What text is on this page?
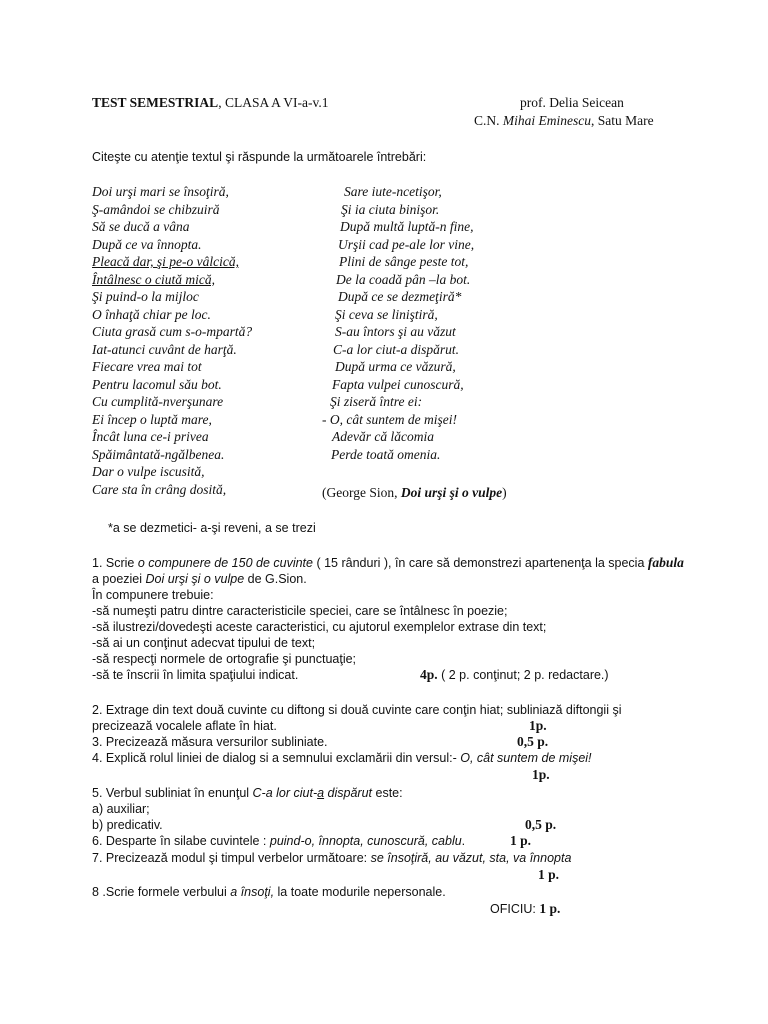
TEST SEMESTRIAL, CLASA A VI-a-v.1	prof. Delia Seicean
C.N. Mihai Eminescu, Satu Mare
Citeşte cu atenţie textul şi răspunde la următoarele întrebări:
Doi urşi mari se însoţiră,
Ş-amândoi se chibzuiră
Să se ducă a vâna
După ce va înnopta.
Pleacă dar, şi pe-o vâlcică,
Întâlnesc o ciută mică,
Şi puind-o la mijloc
O înhaţă chiar pe loc.
Ciuta grasă cum s-o-mpartă?
Iat-atunci cuvânt de harţă.
Fiecare vrea mai tot
Pentru lacomul său bot.
Cu cumplită-nverşunare
Ei încep o luptă mare,
Încât luna ce-i privea
Spăimântată-ngălbenea.
Dar o vulpe iscusită,
Care sta în crâng dosită,
Sare iute-ncetişor,
Şi ia ciuta binişor.
După multă luptă-n fine,
Urşii cad pe-ale lor vine,
Plini de sânge peste tot,
De la coadă pân –la bot.
După ce se dezmeţiră*
Şi ceva se liniştiră,
S-au întors şi au văzut
C-a lor ciut-a dispărut.
După urma ce văzură,
Fapta vulpei cunoscură,
Şi ziseră între ei:
- O, cât suntem de mişei!
Adevăr că lăcomia
Perde toată omenia.
(George Sion, Doi urşi şi o vulpe)
*a se dezmetici- a-şi reveni, a se trezi
1. Scrie o compunere de 150 de cuvinte ( 15 rânduri ), în care să demonstrezi apartenenţa la specia fabula
a poeziei Doi urşi şi o vulpe de G.Sion.
În compunere trebuie:
-să numeşti patru dintre caracteristicile speciei, care se întâlnesc în poezie;
-să ilustrezi/dovedeşti aceste caracteristici, cu ajutorul exemplelor extrase din text;
-să ai un conţinut adecvat tipului de text;
-să respecţi normele de ortografie şi punctuaţie;
-să te înscrii în limita spaţiului indicat.	4p. ( 2 p. conţinut; 2 p. redactare.)
2. Extrage din text două cuvinte cu diftong si două cuvinte care conţin hiat; subliniază diftongii şi
precizează vocalele aflate în hiat.	1p.
3. Precizează măsura versurilor subliniate.	0,5 p.
4. Explică rolul liniei de dialog si a semnului exclamării din versul:- O, cât suntem de mişei!
1p.
5. Verbul subliniat în enunţul C-a lor ciut-a dispărut este:
a) auxiliar;
b) predicativ.	0,5 p.
6. Desparte în silabe cuvintele : puind-o, înnopta, cunoscură, cablu.	1 p.
7. Precizează modul şi timpul verbelor următoare: se însoţiră, au văzut, sta, va înnopta
1 p.
8 .Scrie formele verbului a însoţi, la toate modurile nepersonale.
OFICIU: 1 p.
